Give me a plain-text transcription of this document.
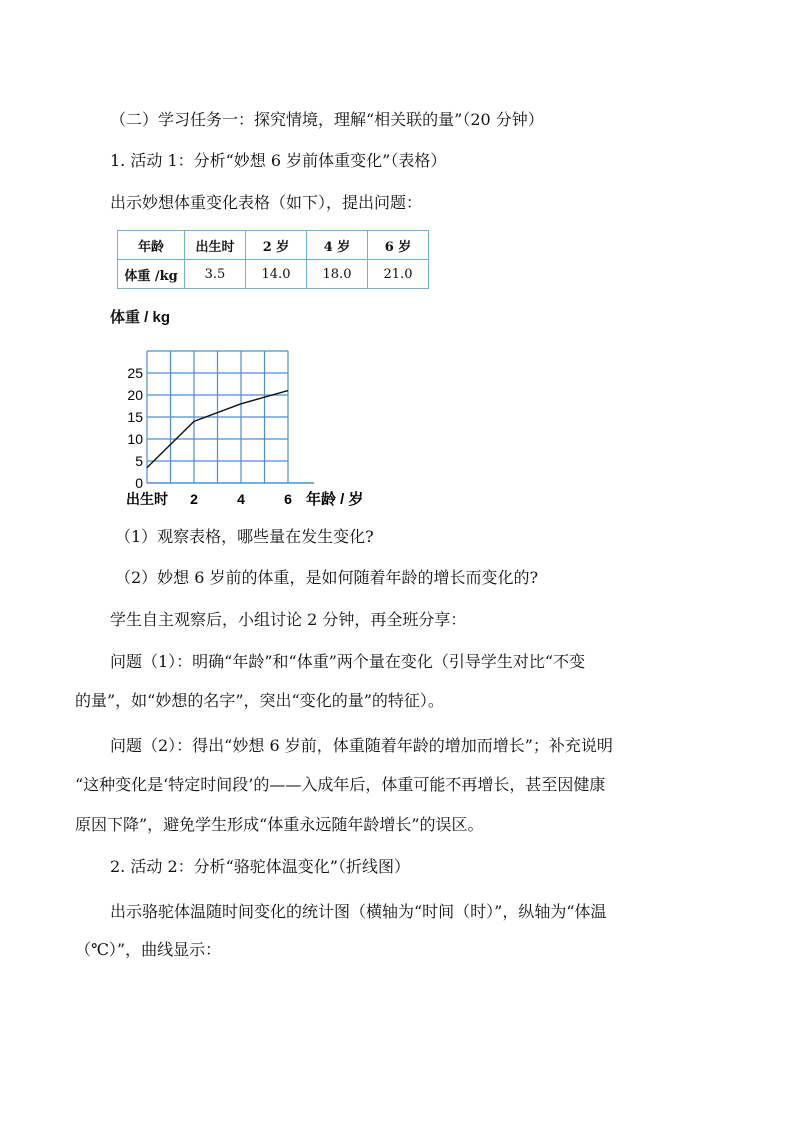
（二）学习任务一：探究情境，理解“相关联的量”（20 分钟）
1. 活动 1：分析“妙想 6 岁前体重变化”（表格）
出示妙想体重变化表格（如下），提出问题：
年龄	出生时	2 岁	4 岁	6 岁
体重 /kg	3.5	14.0	18.0	21.0
体重 / kg
0
5
10
15
20
25
出生时 2	4	6 年龄 / 岁
（1）观察表格，哪些量在发生变化?
（2）妙想 6 岁前的体重，是如何随着年龄的增长而变化的?
学生自主观察后，小组讨论 2 分钟，再全班分享：
问题（1）：明确“年龄”和“体重”两个量在变化（引导学生对比“不变
的量”，如“妙想的名字”，突出“变化的量”的特征）。
问题（2）：得出“妙想 6 岁前，体重随着年龄的增加而增长”；补充说明
“这种变化是‘特定时间段’的——入成年后，体重可能不再增长，甚至因健康
原因下降”，避免学生形成“体重永远随年龄增长”的误区。
2. 活动 2：分析“骆驼体温变化”（折线图）
出示骆驼体温随时间变化的统计图（横轴为“时间（时）”，纵轴为“体温
（℃）”，曲线显示：
